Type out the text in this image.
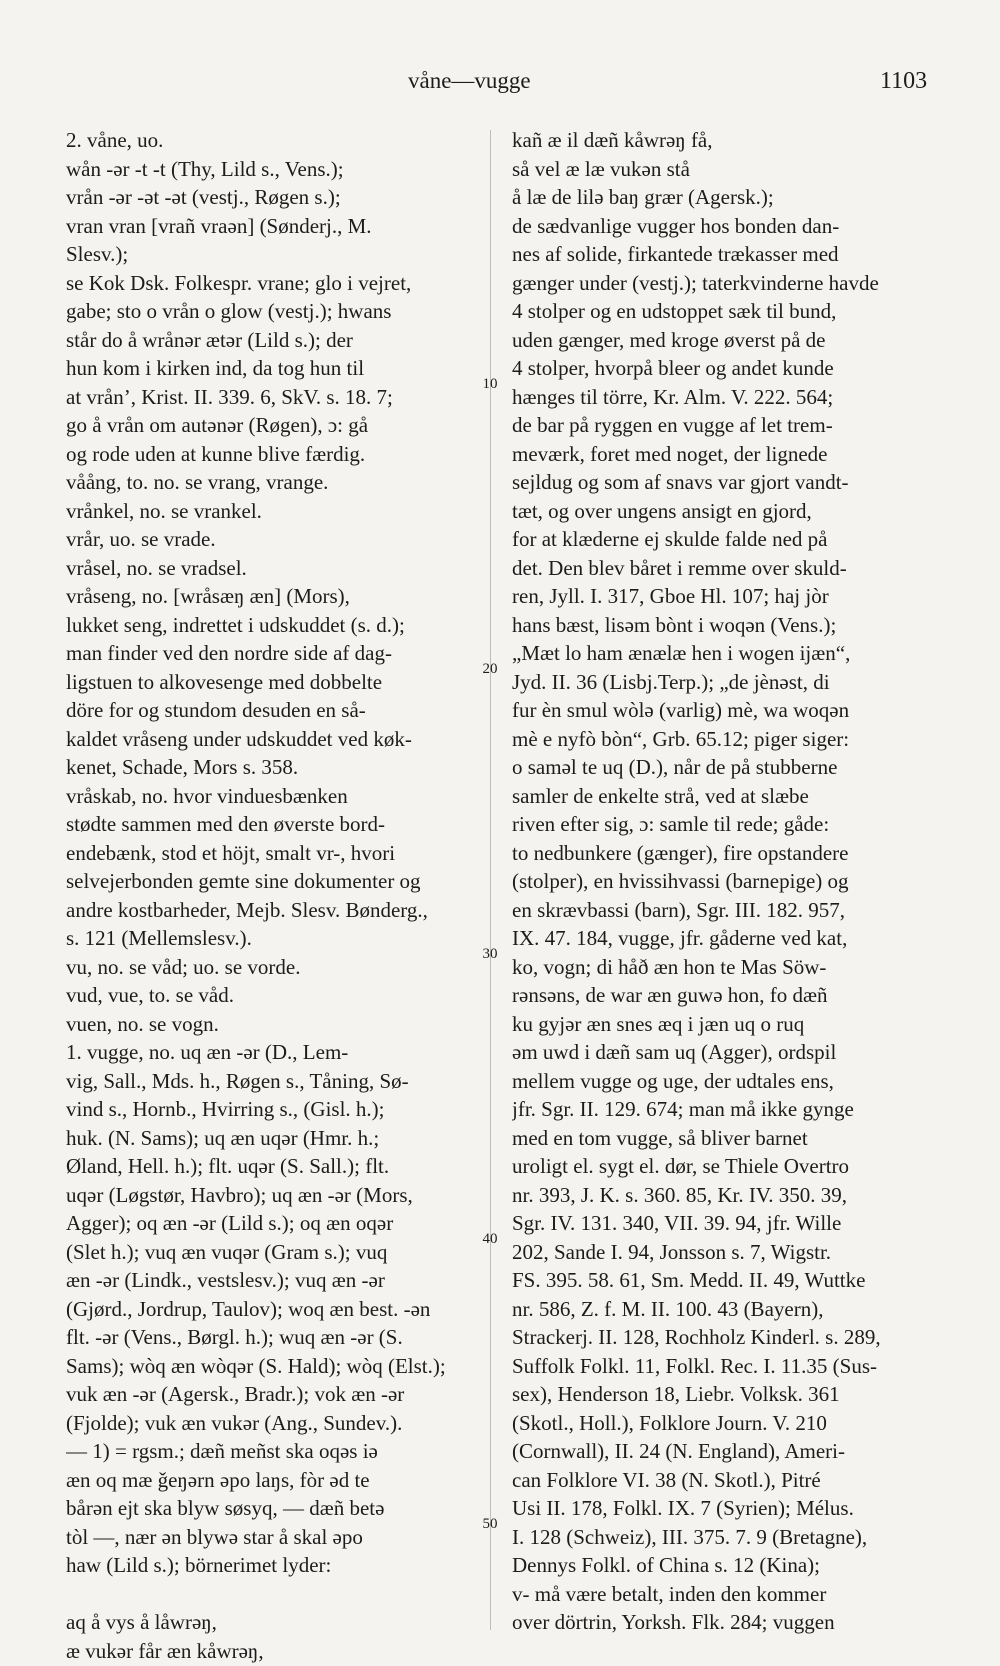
våne—vugge	1103
2. våne, uo.
wån -ər -t -t (Thy, Lild s., Vens.);
vrån -ər -ət -ət (vestj., Røgen s.);
vran vran [vrañ vraən] (Sønderj., M.
Slesv.);
se Kok Dsk. Folkespr. vrane; glo i vejret,
gabe; sto o vrån o glow (vestj.); hwans
står do å wrånər ætər (Lild s.); der
hun kom i kirken ind, da tog hun til
at vrån’, Krist. II. 339. 6, SkV. s. 18. 7;
go å vrån om autənər (Røgen), ɔ: gå
og rode uden at kunne blive færdig.
våång, to. no. se vrang, vrange.
vrånkel, no. se vrankel.
vrår, uo. se vrade.
vråsel, no. se vradsel.
vråseng, no. [wråsæŋ æn] (Mors),
lukket seng, indrettet i udskuddet (s. d.);
man finder ved den nordre side af dag-
ligstuen to alkovesenge med dobbelte
döre for og stundom desuden en så-
kaldet vråseng under udskuddet ved køk-
kenet, Schade, Mors s. 358.
vråskab, no. hvor vinduesbænken
stødte sammen med den øverste bord-
endebænk, stod et höjt, smalt vr-, hvori
selvejerbonden gemte sine dokumenter og
andre kostbarheder, Mejb. Slesv. Bønderg.,
s. 121 (Mellemslesv.).
vu, no. se våd; uo. se vorde.
vud, vue, to. se våd.
vuen, no. se vogn.
1. vugge, no. uq æn -ər (D., Lem-
vig, Sall., Mds. h., Røgen s., Tåning, Sø-
vind s., Hornb., Hvirring s., (Gisl. h.);
huk. (N. Sams); uq æn uqər (Hmr. h.;
Øland, Hell. h.); flt. uqər (S. Sall.); flt.
uqər (Løgstør, Havbro); uq æn -ər (Mors,
Agger); oq æn -ər (Lild s.); oq æn oqər
(Slet h.); vuq æn vuqər (Gram s.); vuq
æn -ər (Lindk., vestslesv.); vuq æn -ər
(Gjørd., Jordrup, Taulov); woq æn best. -ən
flt. -ər (Vens., Børgl. h.); wuq æn -ər (S.
Sams); wòq æn wòqər (S. Hald); wòq (Elst.);
vuk æn -ər (Agersk., Bradr.); vok æn -ər
(Fjolde); vuk æn vukər (Ang., Sundev.).
— 1) = rgsm.; dæñ meñst ska oqəs iə
æn oq mæ ǧeŋərn əpo laŋs, fòr əd te
bårən ejt ska blyw søsyq, — dæñ betə
tòl —, nær ən blywə star å skal əpo
haw (Lild s.); börnerimet lyder:

aq å vys å låwrəŋ,
æ vukər får æn kåwrəŋ,
kañ æ il dæñ kåwrəŋ få,
så vel æ læ vukən stå
å læ de lilə baŋ grær (Agersk.);
de sædvanlige vugger hos bonden dan-
nes af solide, firkantede trækasser med
gænger under (vestj.); taterkvinderne havde
4 stolper og en udstoppet sæk til bund,
uden gænger, med kroge øverst på de
4 stolper, hvorpå bleer og andet kunde
hænges til törre, Kr. Alm. V. 222. 564;
de bar på ryggen en vugge af let trem-
meværk, foret med noget, der lignede
sejldug og som af snavs var gjort vandt-
tæt, og over ungens ansigt en gjord,
for at klæderne ej skulde falde ned på
det. Den blev båret i remme over skuld-
ren, Jyll. I. 317, Gboe Hl. 107; haj jòr
hans bæst, lisəm bònt i woqən (Vens.);
„Mæt lo ham ænælæ hen i wogen ijæn“,
Jyd. II. 36 (Lisbj.Terp.); „de jènəst, di
fur èn smul wòlə (varlig) mè, wa woqən
mè e nyfò bòn“, Grb. 65.12; piger siger:
o saməl te uq (D.), når de på stubberne
samler de enkelte strå, ved at slæbe
riven efter sig, ɔ: samle til rede; gåde:
to nedbunkere (gænger), fire opstandere
(stolper), en hvissihvassi (barnepige) og
en skrævbassi (barn), Sgr. III. 182. 957,
IX. 47. 184, vugge, jfr. gåderne ved kat,
ko, vogn; di håð æn hon te Mas Söw-
rənsəns, de war æn guwə hon, fo dæñ
ku gyjər æn snes æq i jæn uq o ruq
əm uwd i dæñ sam uq (Agger), ordspil
mellem vugge og uge, der udtales ens,
jfr. Sgr. II. 129. 674; man må ikke gynge
med en tom vugge, så bliver barnet
uroligt el. sygt el. dør, se Thiele Overtro
nr. 393, J. K. s. 360. 85, Kr. IV. 350. 39,
Sgr. IV. 131. 340, VII. 39. 94, jfr. Wille
202, Sande I. 94, Jonsson s. 7, Wigstr.
FS. 395. 58. 61, Sm. Medd. II. 49, Wuttke
nr. 586, Z. f. M. II. 100. 43 (Bayern),
Strackerj. II. 128, Rochholz Kinderl. s. 289,
Suffolk Folkl. 11, Folkl. Rec. I. 11.35 (Sus-
sex), Henderson 18, Liebr. Volksk. 361
(Skotl., Holl.), Folklore Journ. V. 210
(Cornwall), II. 24 (N. England), Ameri-
can Folklore VI. 38 (N. Skotl.), Pitré
Usi II. 178, Folkl. IX. 7 (Syrien); Mélus.
I. 128 (Schweiz), III. 375. 7. 9 (Bretagne),
Dennys Folkl. of China s. 12 (Kina);
v- må være betalt, inden den kommer
over dörtrin, Yorksh. Flk. 284; vuggen
10
20
30
40
50
